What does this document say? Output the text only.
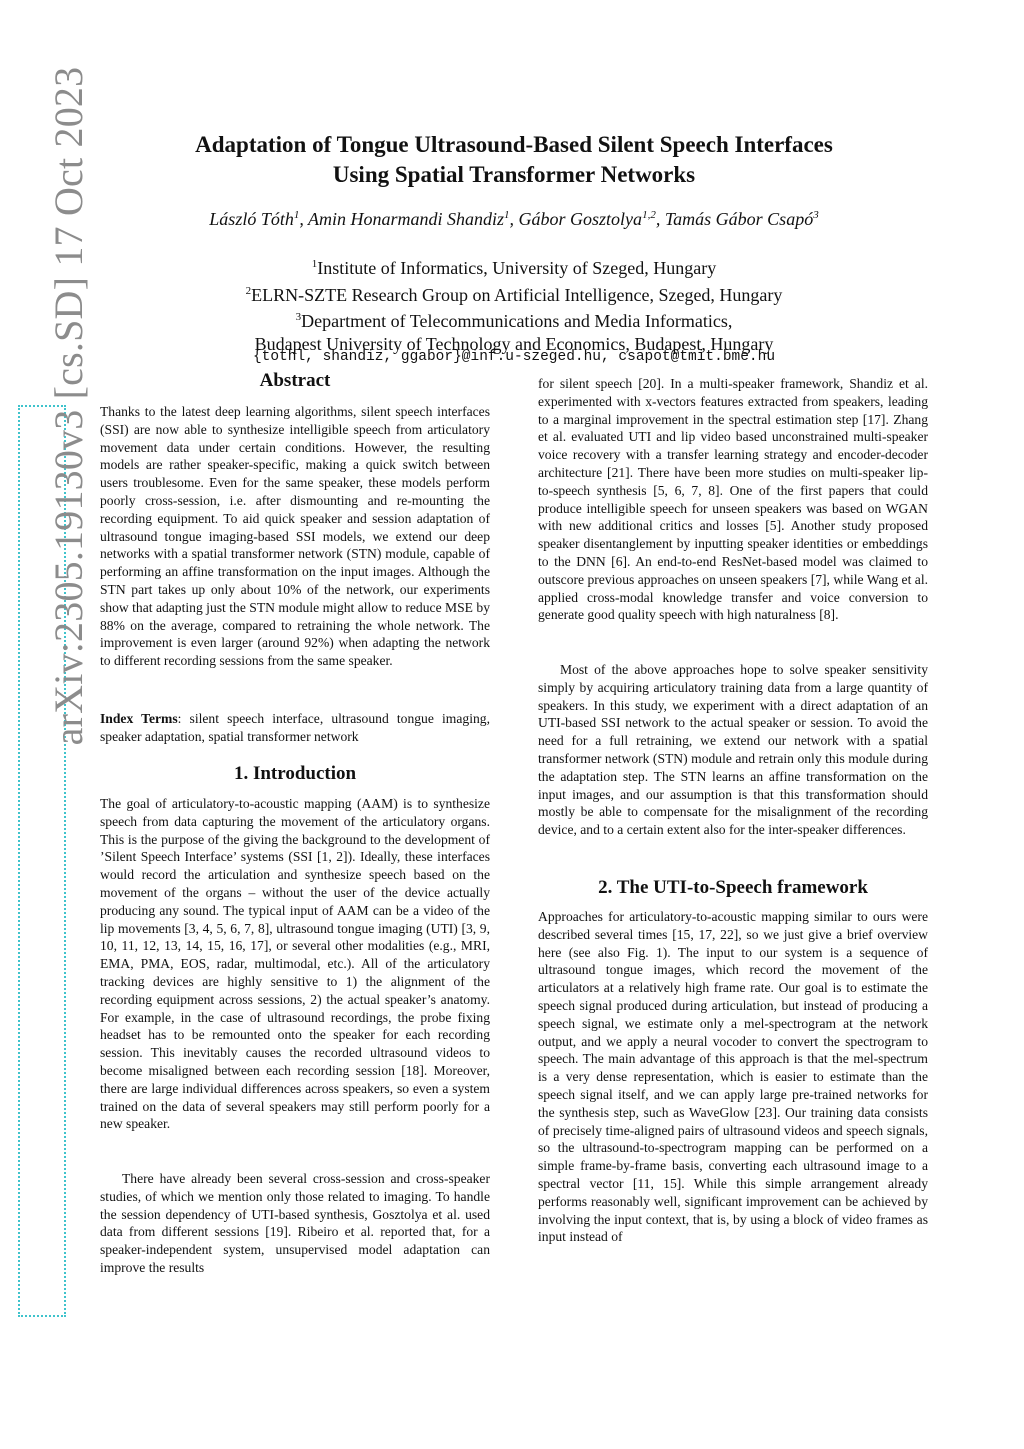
arXiv:2305.19130v3 [cs.SD] 17 Oct 2023	Adaptation of Tongue Ultrasound-Based Silent Speech Interfaces
Using Spatial Transformer Networks
László Tóth$^1$, Amin Honarmandi Shandiz$^1$, Gábor Gosztolya$^{1,2}$, Tamás Gábor Csapó$^3$
$^1$Institute of Informatics, University of Szeged, Hungary
$^2$ELRN-SZTE Research Group on Artificial Intelligence, Szeged, Hungary
$^3$Department of Telecommunications and Media Informatics,
Budapest University of Technology and Economics, Budapest, Hungary
{tothl, shandiz, ggabor}@inf.u-szeged.hu, csapot@tmit.bme.hu
Abstract

Thanks to the latest deep learning algorithms, silent speech interfaces (SSI) are now able to synthesize intelligible speech from articulatory movement data under certain conditions. However, the resulting models are rather speaker-specific, making a quick switch between users troublesome. Even for the same speaker, these models perform poorly cross-session, i.e. after dismounting and re-mounting the recording equipment. To aid quick speaker and session adaptation of ultrasound tongue imaging-based SSI models, we extend our deep networks with a spatial transformer network (STN) module, capable of performing an affine transformation on the input images. Although the STN part takes up only about 10% of the network, our experiments show that adapting just the STN module might allow to reduce MSE by 88% on the average, compared to retraining the whole network. The improvement is even larger (around 92%) when adapting the network to different recording sessions from the same speaker.

Index Terms: silent speech interface, ultrasound tongue imaging, speaker adaptation, spatial transformer network

1. Introduction

The goal of articulatory-to-acoustic mapping (AAM) is to synthesize speech from data capturing the movement of the articulatory organs. This is the purpose of the giving the background to the development of ’Silent Speech Interface’ systems (SSI [1, 2]). Ideally, these interfaces would record the articulation and synthesize speech based on the movement of the organs – without the user of the device actually producing any sound. The typical input of AAM can be a video of the lip movements [3, 4, 5, 6, 7, 8], ultrasound tongue imaging (UTI) [3, 9, 10, 11, 12, 13, 14, 15, 16, 17], or several other modalities (e.g., MRI, EMA, PMA, EOS, radar, multimodal, etc.). All of the articulatory tracking devices are highly sensitive to 1) the alignment of the recording equipment across sessions, 2) the actual speaker’s anatomy. For example, in the case of ultrasound recordings, the probe fixing headset has to be remounted onto the speaker for each recording session. This inevitably causes the recorded ultrasound videos to become misaligned between each recording session [18]. Moreover, there are large individual differences across speakers, so even a system trained on the data of several speakers may still perform poorly for a new speaker.

There have already been several cross-session and cross-speaker studies, of which we mention only those related to imaging. To handle the session dependency of UTI-based synthesis, Gosztolya et al. used data from different sessions [19]. Ribeiro et al. reported that, for a speaker-independent system, unsupervised model adaptation can improve the results

for silent speech [20]. In a multi-speaker framework, Shandiz et al. experimented with x-vectors features extracted from speakers, leading to a marginal improvement in the spectral estimation step [17]. Zhang et al. evaluated UTI and lip video based unconstrained multi-speaker voice recovery with a transfer learning strategy and encoder-decoder architecture [21]. There have been more studies on multi-speaker lip-to-speech synthesis [5, 6, 7, 8]. One of the first papers that could produce intelligible speech for unseen speakers was based on WGAN with new additional critics and losses [5]. Another study proposed speaker disentanglement by inputting speaker identities or embeddings to the DNN [6]. An end-to-end ResNet-based model was claimed to outscore previous approaches on unseen speakers [7], while Wang et al. applied cross-modal knowledge transfer and voice conversion to generate good quality speech with high naturalness [8].

Most of the above approaches hope to solve speaker sensitivity simply by acquiring articulatory training data from a large quantity of speakers. In this study, we experiment with a direct adaptation of an UTI-based SSI network to the actual speaker or session. To avoid the need for a full retraining, we extend our network with a spatial transformer network (STN) module and retrain only this module during the adaptation step. The STN learns an affine transformation on the input images, and our assumption is that this transformation should mostly be able to compensate for the misalignment of the recording device, and to a certain extent also for the inter-speaker differences.

2. The UTI-to-Speech framework

Approaches for articulatory-to-acoustic mapping similar to ours were described several times [15, 17, 22], so we just give a brief overview here (see also Fig. 1). The input to our system is a sequence of ultrasound tongue images, which record the movement of the articulators at a relatively high frame rate. Our goal is to estimate the speech signal produced during articulation, but instead of producing a speech signal, we estimate only a mel-spectrogram at the network output, and we apply a neural vocoder to convert the spectrogram to speech. The main advantage of this approach is that the mel-spectrum is a very dense representation, which is easier to estimate than the speech signal itself, and we can apply large pre-trained networks for the synthesis step, such as WaveGlow [23]. Our training data consists of precisely time-aligned pairs of ultrasound videos and speech signals, so the ultrasound-to-spectrogram mapping can be performed on a simple frame-by-frame basis, converting each ultrasound image to a spectral vector [11, 15]. While this simple arrangement already performs reasonably well, significant improvement can be achieved by involving the input context, that is, by using a block of video frames as input instead of
